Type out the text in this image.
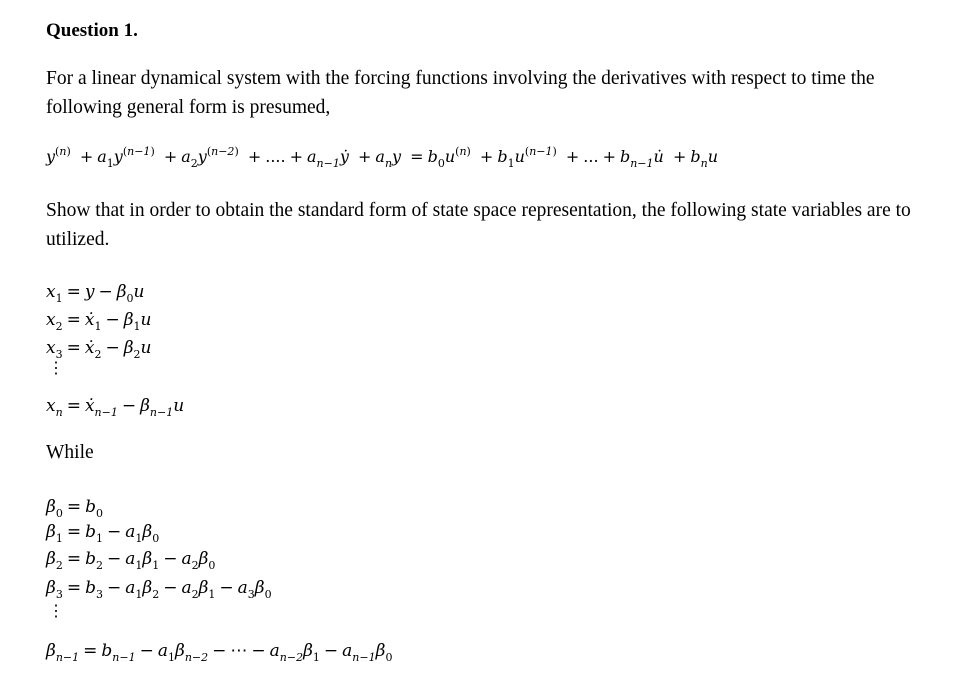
Question 1.
For a linear dynamical system with the forcing functions involving the derivatives with respect to time the following general form is presumed,
$y^{(n)} + a_1y^{(n-1)} + a_2y^{(n-2)}$ + .... + $a_{n-1}ẏ + a_ny = b_0u^{(n)} + b_1u^{(n-1)}$ + ... + $b_{n-1}u̇ + b_nu$
Show that in order to obtain the standard form of state space representation, the following state variables are to utilized.
$x_1 = y - \beta_0u$
$x_2$ = ẋ$_1$ − $\beta_1u$
$x_3$ = ẋ$_2$ − $\beta_2u$
⋮
$x_n$ = ẋ$_{n-1}$ − $\beta_{n-1}u$
While
$\beta_0 = b_0$
$\beta_1 = b_1 - a_1\beta_0$
$\beta_2 = b_2 - a_1\beta_1 - a_2\beta_0$
$\beta_3 = b_3 - a_1\beta_2 - a_2\beta_1 - a_3\beta_0$
⋮
$\beta_{n-1} = b_{n-1} - a_1\beta_{n-2}$ − ⋯ − $a_{n-2}\beta_1 - a_{n-1}\beta_0$
